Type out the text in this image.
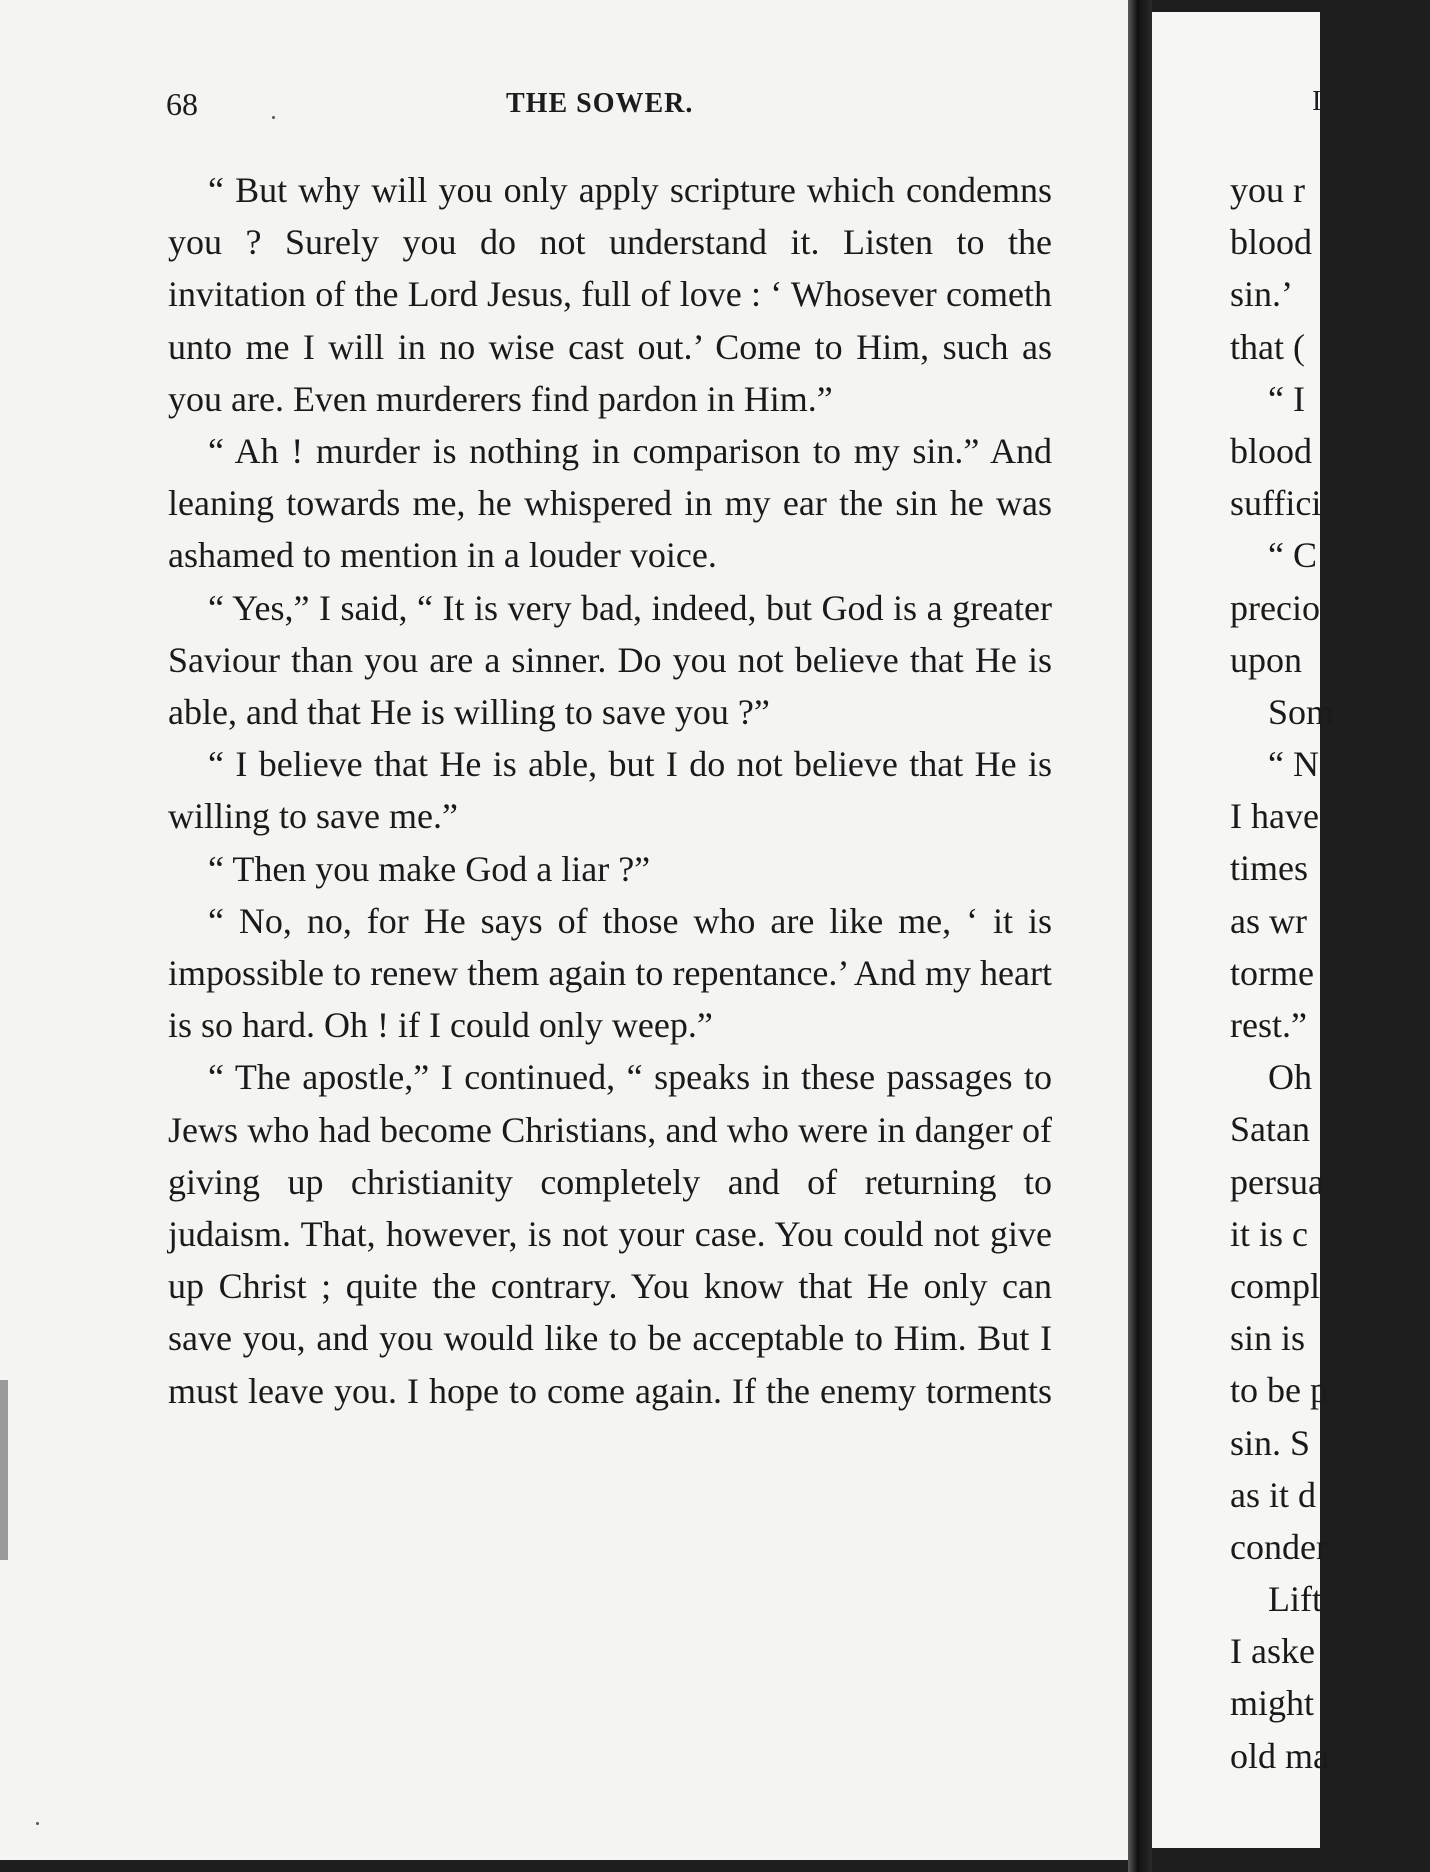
68	THE SOWER.

“ But why will you only apply scripture which condemns you ? Surely you do not understand it. Listen to the invitation of the Lord Jesus, full of love : ‘ Whosever cometh unto me I will in no wise cast out.’ Come to Him, such as you are. Even murderers find pardon in Him.”

“ Ah ! murder is nothing in comparison to my sin.” And leaning towards me, he whispered in my ear the sin he was ashamed to mention in a louder voice.

“ Yes,” I said, “ It is very bad, indeed, but God is a greater Saviour than you are a sinner. Do you not believe that He is able, and that He is willing to save you ?”

“ I believe that He is able, but I do not believe that He is willing to save me.”

“ Then you make God a liar ?”

“ No, no, for He says of those who are like me, ‘ it is impossible to renew them again to repentance.’ And my heart is so hard. Oh ! if I could only weep.”

“ The apostle,” I continued, “ speaks in these passages to Jews who had become Christians, and who were in danger of giving up christianity completely and of returning to judaism. That, however, is not your case. You could not give up Christ ; quite the contrary. You know that He only can save you, and you would like to be acceptable to Him. But I must leave you. I hope to come again. If the enemy torments

I
you r
blood
sin.’
that (
“ I
blood
suffici
“ C
precio
upon
Som
“ N
I have
times
as wr
torme
rest.”
Oh
Satan
persua
it is c
compl
sin is
to be p
sin. S
as it d
conder
Lift
I aske
might
old ma
